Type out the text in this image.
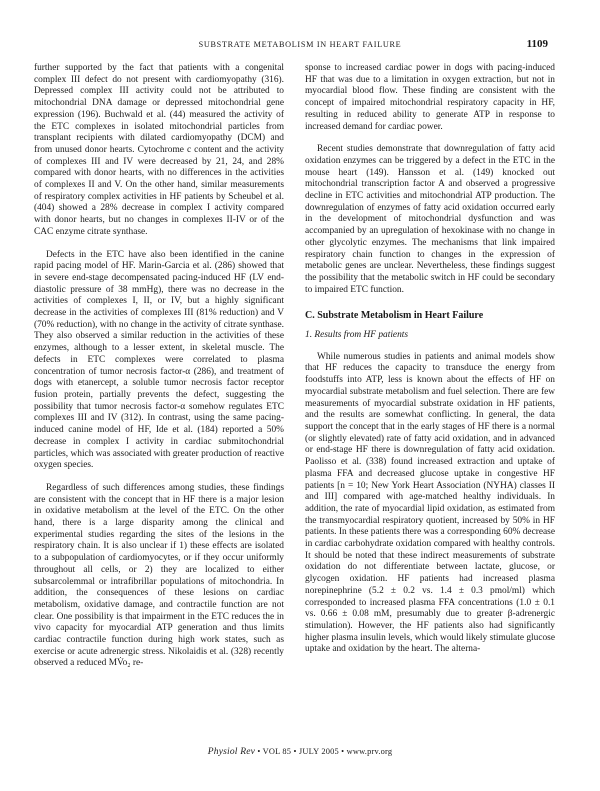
SUBSTRATE METABOLISM IN HEART FAILURE	1109

further supported by the fact that patients with a congenital complex III defect do not present with cardiomyopathy (316). Depressed complex III activity could not be attributed to mitochondrial DNA damage or depressed mitochondrial gene expression (196). Buchwald et al. (44) measured the activity of the ETC complexes in isolated mitochondrial particles from transplant recipients with dilated cardiomyopathy (DCM) and from unused donor hearts. Cytochrome c content and the activity of complexes III and IV were decreased by 21, 24, and 28% compared with donor hearts, with no differences in the activities of complexes II and V. On the other hand, similar measurements of respiratory complex activities in HF patients by Scheubel et al. (404) showed a 28% decrease in complex I activity compared with donor hearts, but no changes in complexes II-IV or of the CAC enzyme citrate synthase.

Defects in the ETC have also been identified in the canine rapid pacing model of HF. Marin-Garcia et al. (286) showed that in severe end-stage decompensated pacing-induced HF (LV end-diastolic pressure of 38 mmHg), there was no decrease in the activities of complexes I, II, or IV, but a highly significant decrease in the activities of complexes III (81% reduction) and V (70% reduction), with no change in the activity of citrate synthase. They also observed a similar reduction in the activities of these enzymes, although to a lesser extent, in skeletal muscle. The defects in ETC complexes were correlated to plasma concentration of tumor necrosis factor-α (286), and treatment of dogs with etanercept, a soluble tumor necrosis factor receptor fusion protein, partially prevents the defect, suggesting the possibility that tumor necrosis factor-α somehow regulates ETC complexes III and IV (312). In contrast, using the same pacing-induced canine model of HF, Ide et al. (184) reported a 50% decrease in complex I activity in cardiac submitochondrial particles, which was associated with greater production of reactive oxygen species.

Regardless of such differences among studies, these findings are consistent with the concept that in HF there is a major lesion in oxidative metabolism at the level of the ETC. On the other hand, there is a large disparity among the clinical and experimental studies regarding the sites of the lesions in the respiratory chain. It is also unclear if 1) these effects are isolated to a subpopulation of cardiomyocytes, or if they occur uniformly throughout all cells, or 2) they are localized to either subsarcolemmal or intrafibrillar populations of mitochondria. In addition, the consequences of these lesions on cardiac metabolism, oxidative damage, and contractile function are not clear. One possibility is that impairment in the ETC reduces the in vivo capacity for myocardial ATP generation and thus limits cardiac contractile function during high work states, such as exercise or acute adrenergic stress. Nikolaidis et al. (328) recently observed a reduced MV̇o₂ re-

sponse to increased cardiac power in dogs with pacing-induced HF that was due to a limitation in oxygen extraction, but not in myocardial blood flow. These finding are consistent with the concept of impaired mitochondrial respiratory capacity in HF, resulting in reduced ability to generate ATP in response to increased demand for cardiac power.

Recent studies demonstrate that downregulation of fatty acid oxidation enzymes can be triggered by a defect in the ETC in the mouse heart (149). Hansson et al. (149) knocked out mitochondrial transcription factor A and observed a progressive decline in ETC activities and mitochondrial ATP production. The downregulation of enzymes of fatty acid oxidation occurred early in the development of mitochondrial dysfunction and was accompanied by an upregulation of hexokinase with no change in other glycolytic enzymes. The mechanisms that link impaired respiratory chain function to changes in the expression of metabolic genes are unclear. Nevertheless, these findings suggest the possibility that the metabolic switch in HF could be secondary to impaired ETC function.

C. Substrate Metabolism in Heart Failure
1. Results from HF patients

While numerous studies in patients and animal models show that HF reduces the capacity to transduce the energy from foodstuffs into ATP, less is known about the effects of HF on myocardial substrate metabolism and fuel selection. There are few measurements of myocardial substrate oxidation in HF patients, and the results are somewhat conflicting. In general, the data support the concept that in the early stages of HF there is a normal (or slightly elevated) rate of fatty acid oxidation, and in advanced or end-stage HF there is downregulation of fatty acid oxidation. Paolisso et al. (338) found increased extraction and uptake of plasma FFA and decreased glucose uptake in congestive HF patients [n = 10; New York Heart Association (NYHA) classes II and III] compared with age-matched healthy individuals. In addition, the rate of myocardial lipid oxidation, as estimated from the transmyocardial respiratory quotient, increased by 50% in HF patients. In these patients there was a corresponding 60% decrease in cardiac carbohydrate oxidation compared with healthy controls. It should be noted that these indirect measurements of substrate oxidation do not differentiate between lactate, glucose, or glycogen oxidation. HF patients had increased plasma norepinephrine (5.2 ± 0.2 vs. 1.4 ± 0.3 pmol/ml) which corresponded to increased plasma FFA concentrations (1.0 ± 0.1 vs. 0.66 ± 0.08 mM, presumably due to greater β-adrenergic stimulation). However, the HF patients also had significantly higher plasma insulin levels, which would likely stimulate glucose uptake and oxidation by the heart. The alterna-

Physiol Rev • VOL 85 • JULY 2005 • www.prv.org
